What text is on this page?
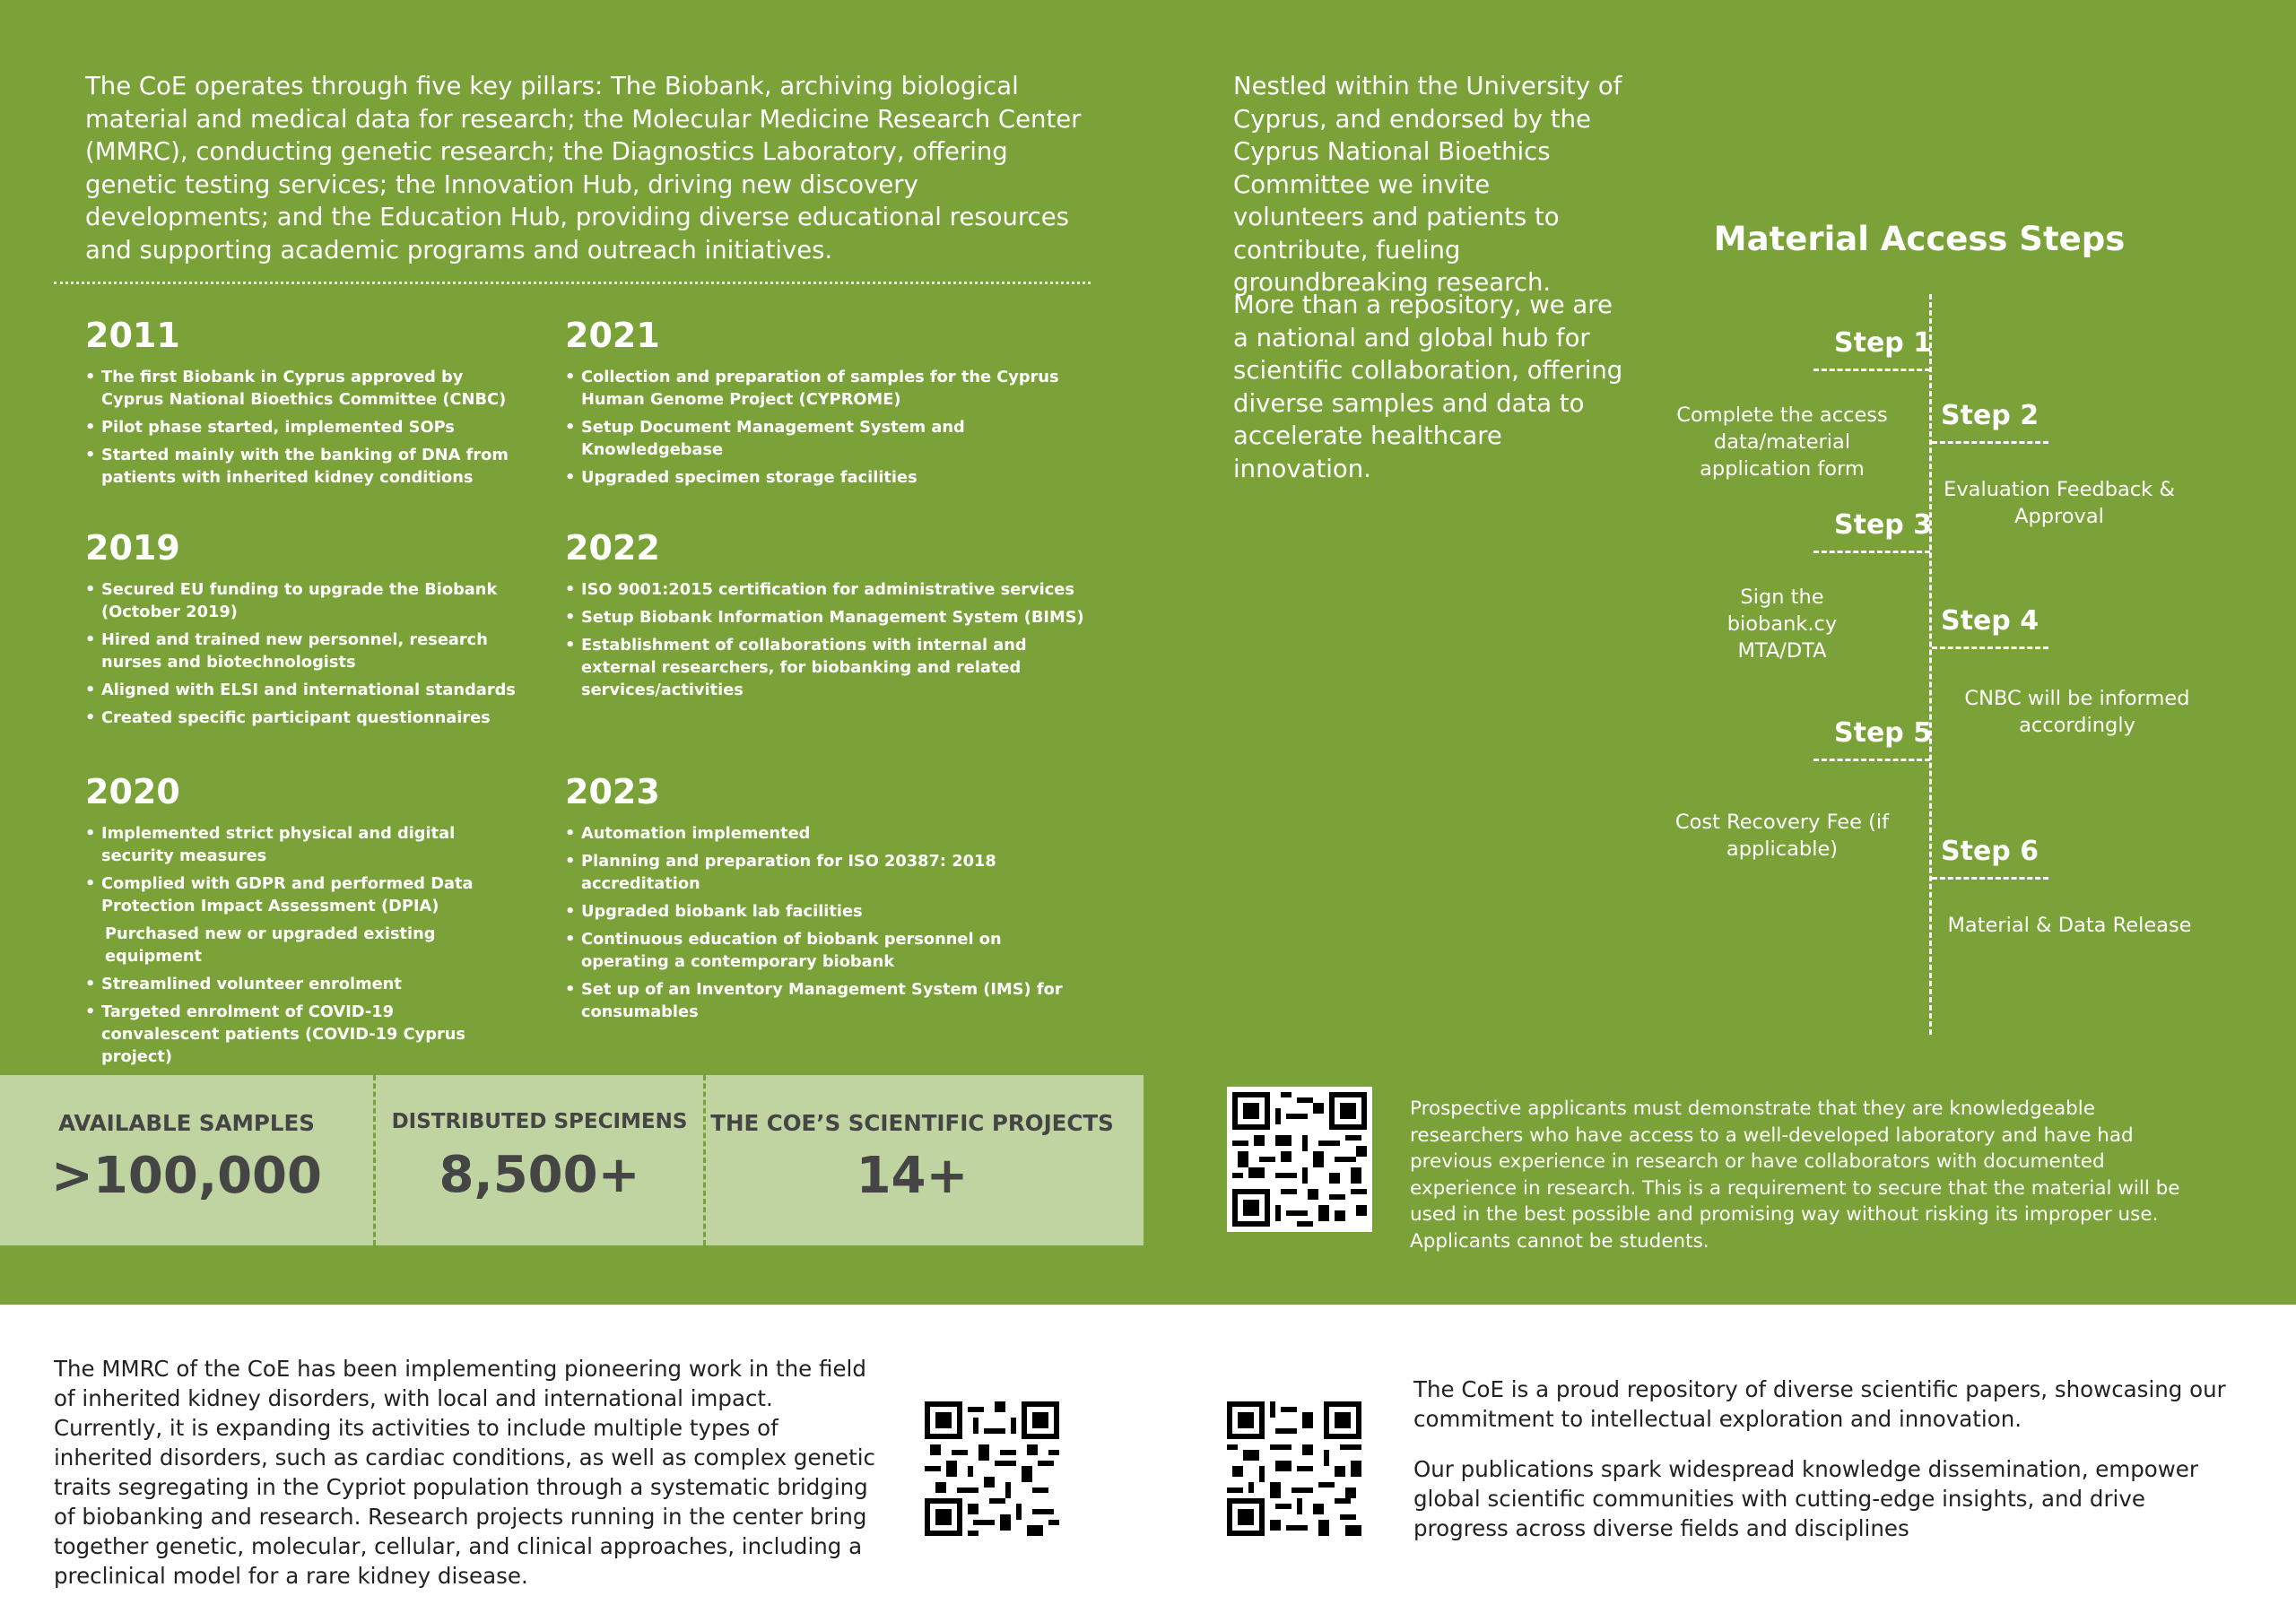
The CoE operates through five key pillars: The Biobank, archiving biological material and medical data for research; the Molecular Medicine Research Center (MMRC), conducting genetic research; the Diagnostics Laboratory, offering genetic testing services; the Innovation Hub, driving new discovery developments; and the Education Hub, providing diverse educational resources and supporting academic programs and outreach initiatives.
2011
• The first Biobank in Cyprus approved by Cyprus National Bioethics Committee (CNBC)
• Pilot phase started, implemented SOPs
• Started mainly with the banking of DNA from patients with inherited kidney conditions
2019
• Secured EU funding to upgrade the Biobank (October 2019)
• Hired and trained new personnel, research nurses and biotechnologists
• Aligned with ELSI and international standards
• Created specific participant questionnaires
2020
• Implemented strict physical and digital security measures
• Complied with GDPR and performed Data Protection Impact Assessment (DPIA)
Purchased new or upgraded existing equipment
• Streamlined volunteer enrolment
• Targeted enrolment of COVID-19 convalescent patients (COVID-19 Cyprus project)
2021
• Collection and preparation of samples for the Cyprus Human Genome Project (CYPROME)
• Setup Document Management System and Knowledgebase
• Upgraded specimen storage facilities
2022
• ISO 9001:2015 certification for administrative services
• Setup Biobank Information Management System (BIMS)
• Establishment of collaborations with internal and external researchers, for biobanking and related services/activities
2023
• Automation implemented
• Planning and preparation for ISO 20387: 2018 accreditation
• Upgraded biobank lab facilities
• Continuous education of biobank personnel on operating a contemporary biobank
• Set up of an Inventory Management System (IMS) for consumables
Nestled within the University of Cyprus, and endorsed by the Cyprus National Bioethics Committee we invite volunteers and patients to contribute, fueling groundbreaking research.
More than a repository, we are a national and global hub for scientific collaboration, offering diverse samples and data to accelerate healthcare innovation.
Material Access Steps
Step 1
Complete the access data/material application form
Step 2
Evaluation Feedback & Approval
Step 3
Sign the biobank.cy MTA/DTA
Step 4
CNBC will be informed accordingly
Step 5
Cost Recovery Fee (if applicable)	Step 6
Material & Data Release
AVAILABLE SAMPLES
>100,000
DISTRIBUTED SPECIMENS
8,500+
THE COE’S SCIENTIFIC PROJECTS
14+
Prospective applicants must demonstrate that they are knowledgeable researchers who have access to a well-developed laboratory and have had previous experience in research or have collaborators with documented experience in research. This is a requirement to secure that the material will be used in the best possible and promising way without risking its improper use. Applicants cannot be students.
The MMRC of the CoE has been implementing pioneering work in the field of inherited kidney disorders, with local and international impact. Currently, it is expanding its activities to include multiple types of inherited disorders, such as cardiac conditions, as well as complex genetic traits segregating in the Cypriot population through a systematic bridging of biobanking and research. Research projects running in the center bring together genetic, molecular, cellular, and clinical approaches, including a preclinical model for a rare kidney disease.
The CoE is a proud repository of diverse scientific papers, showcasing our commitment to intellectual exploration and innovation.
Our publications spark widespread knowledge dissemination, empower global scientific communities with cutting-edge insights, and drive progress across diverse fields and disciplines
